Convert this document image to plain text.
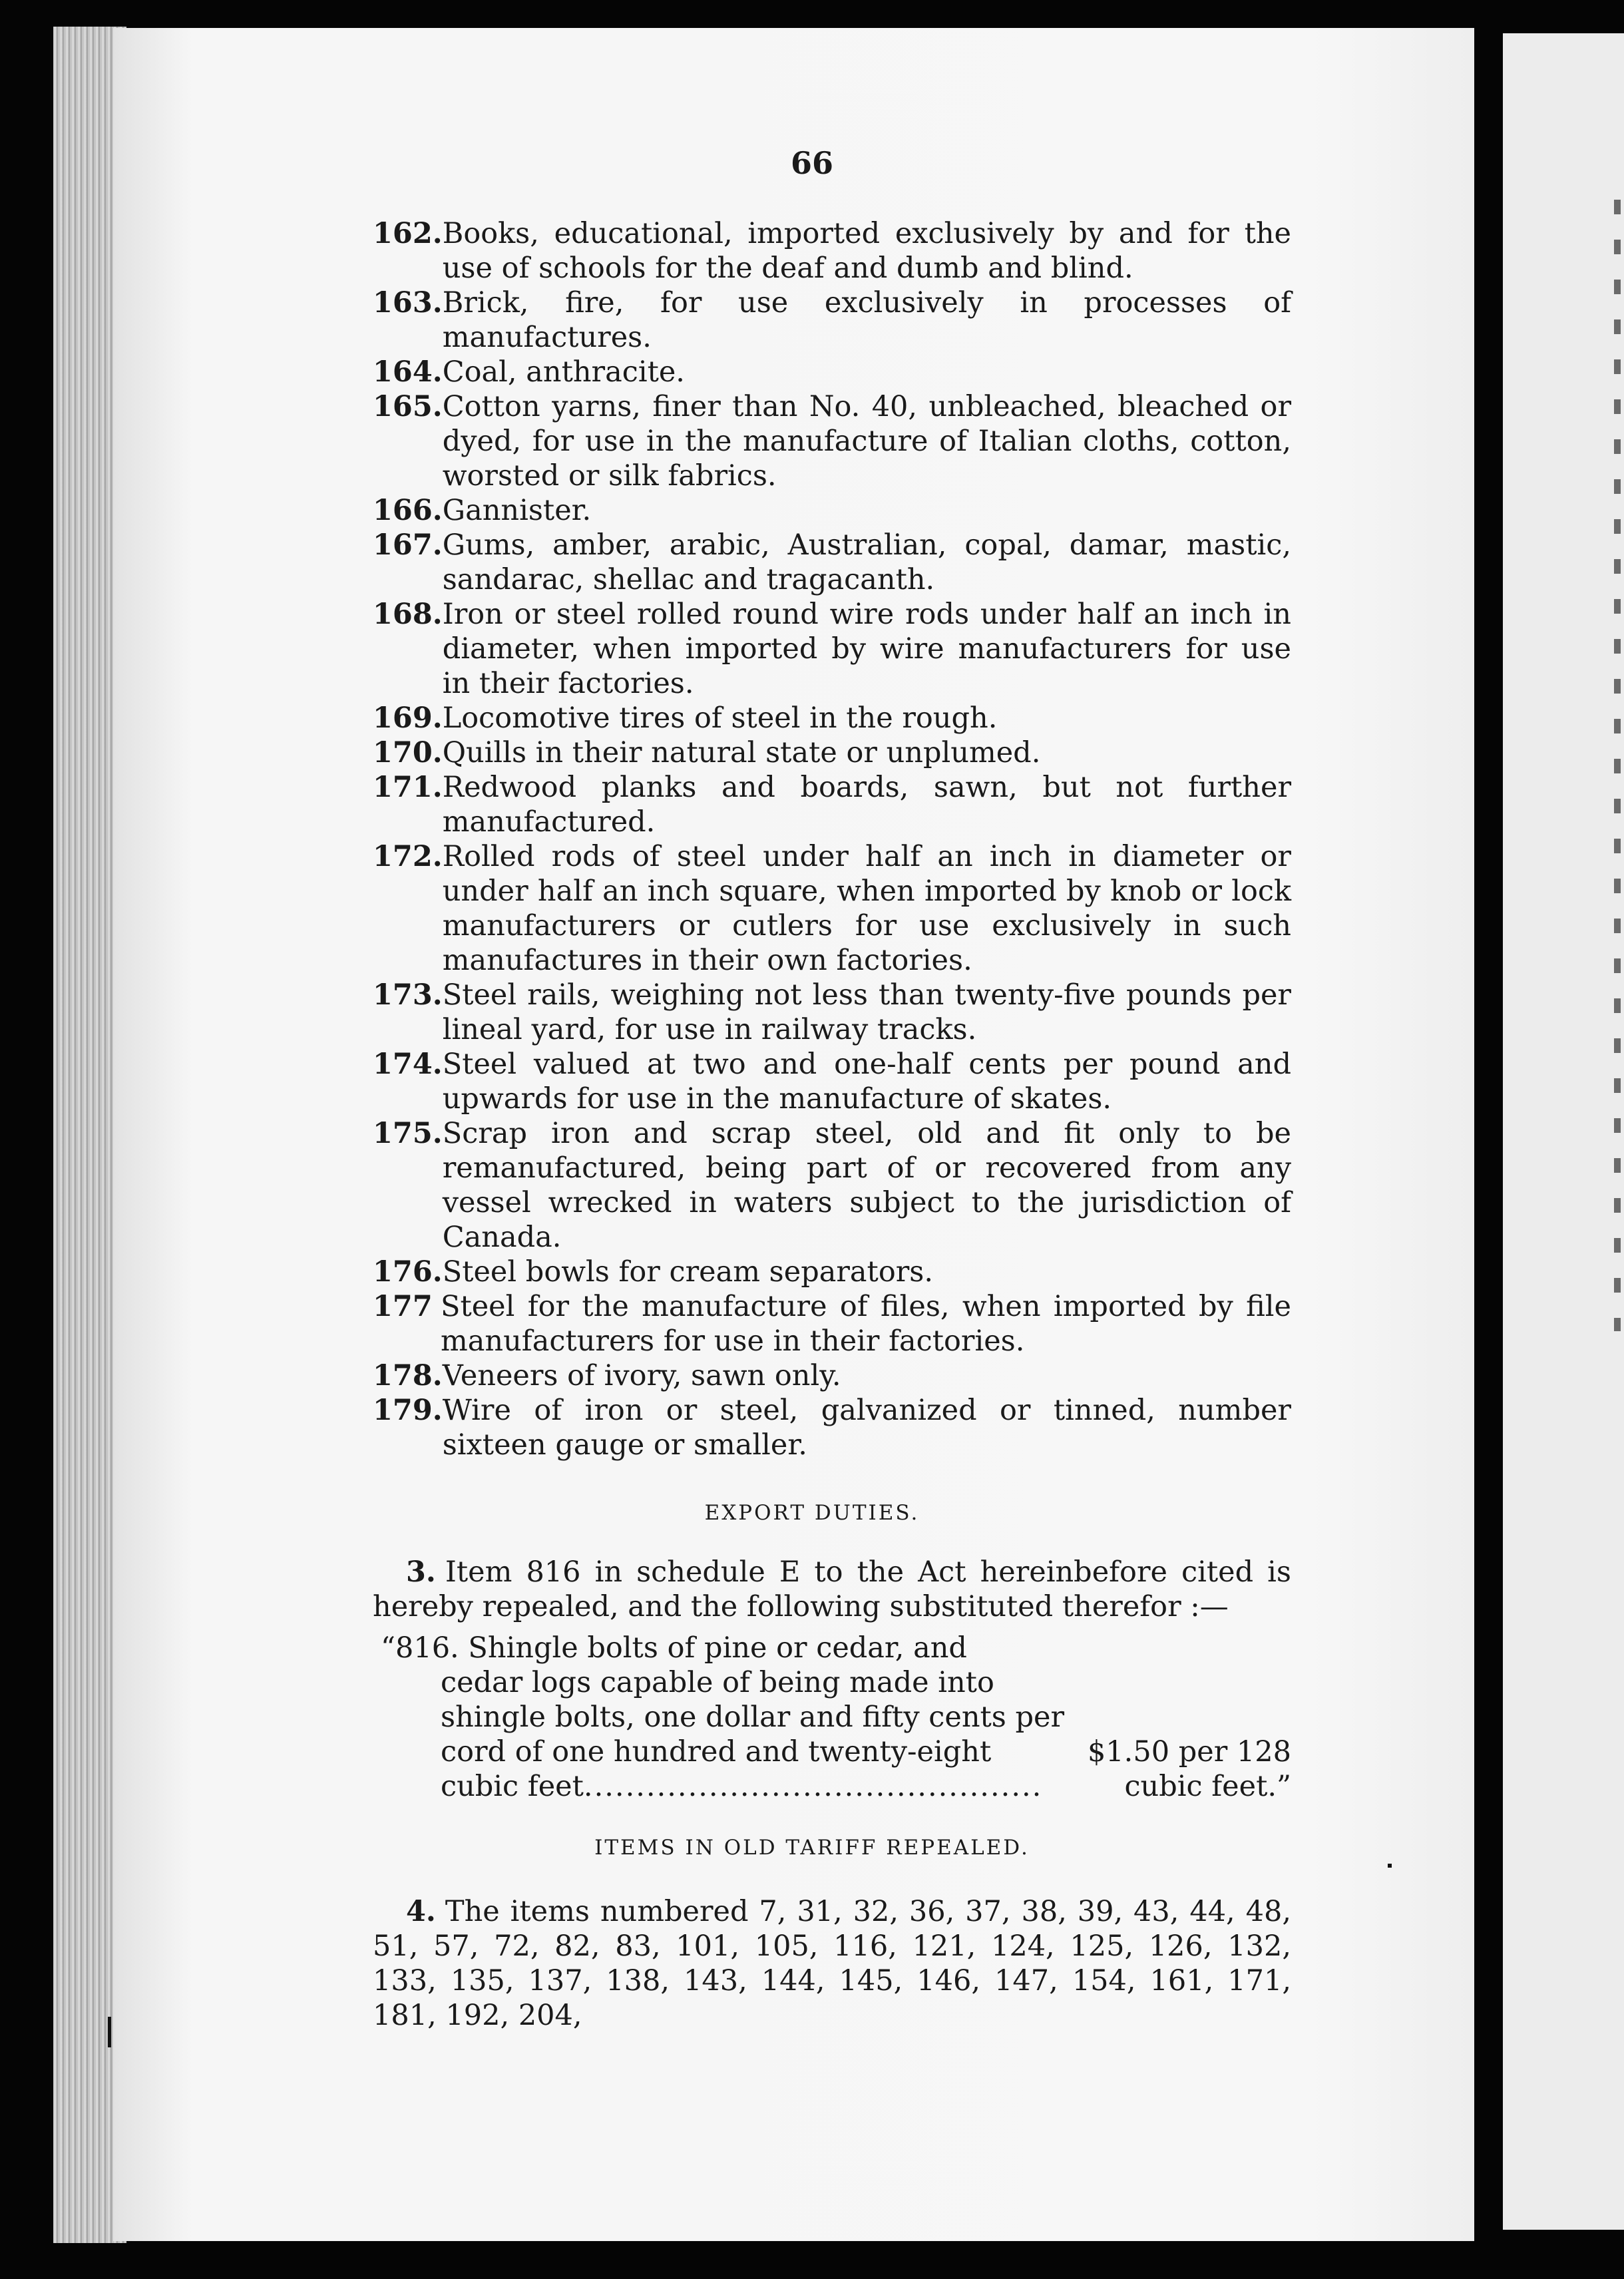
66
162. Books, educational, imported exclusively by and for the use of schools for the deaf and dumb and blind.
163. Brick, fire, for use exclusively in processes of manufactures.
164. Coal, anthracite.
165. Cotton yarns, finer than No. 40, unbleached, bleached or dyed, for use in the manufacture of Italian cloths, cotton, worsted or silk fabrics.
166. Gannister.
167. Gums, amber, arabic, Australian, copal, damar, mastic, sandarac, shellac and tragacanth.
168. Iron or steel rolled round wire rods under half an inch in diameter, when imported by wire manufacturers for use in their factories.
169. Locomotive tires of steel in the rough.
170. Quills in their natural state or unplumed.
171. Redwood planks and boards, sawn, but not further manufactured.
172. Rolled rods of steel under half an inch in diameter or under half an inch square, when imported by knob or lock manufacturers or cutlers for use exclusively in such manufactures in their own factories.
173. Steel rails, weighing not less than twenty-five pounds per lineal yard, for use in railway tracks.
174. Steel valued at two and one-half cents per pound and upwards for use in the manufacture of skates.
175. Scrap iron and scrap steel, old and fit only to be remanufactured, being part of or recovered from any vessel wrecked in waters subject to the jurisdiction of Canada.
176. Steel bowls for cream separators.
177 Steel for the manufacture of files, when imported by file manufacturers for use in their factories.
178. Veneers of ivory, sawn only.
179. Wire of iron or steel, galvanized or tinned, number sixteen gauge or smaller.
EXPORT DUTIES.
3. Item 816 in schedule E to the Act hereinbefore cited is hereby repealed, and the following substituted therefor :—
“816. Shingle bolts of pine or cedar, and
cedar logs capable of being made into
shingle bolts, one dollar and fifty cents per
cord of one hundred and twenty-eight
cubic feet............................................
$1.50 per 128
cubic feet.”
ITEMS IN OLD TARIFF REPEALED.
4. The items numbered 7, 31, 32, 36, 37, 38, 39, 43, 44, 48, 51, 57, 72, 82, 83, 101, 105, 116, 121, 124, 125, 126, 132, 133, 135, 137, 138, 143, 144, 145, 146, 147, 154, 161, 171, 181, 192, 204,
